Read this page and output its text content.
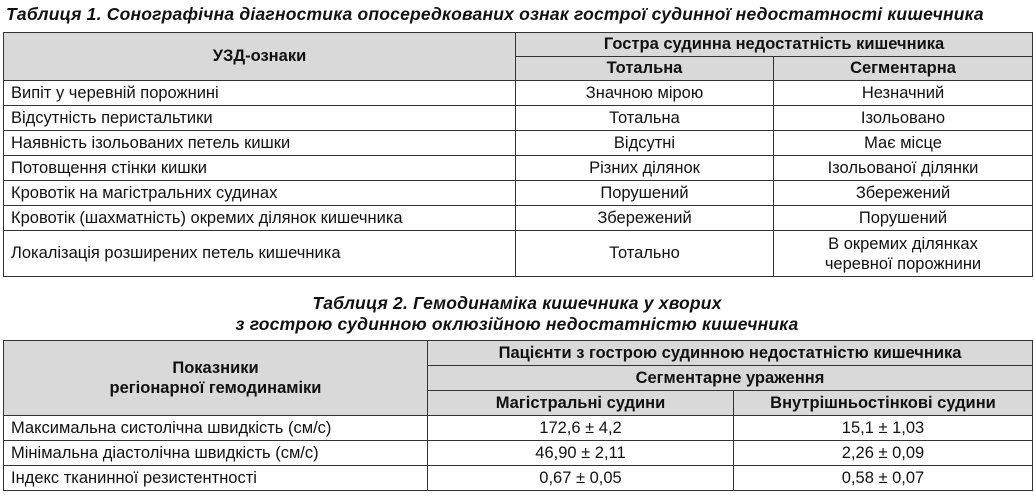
Таблиця 1. Сонографічна діагностика опосередкованих ознак гострої судинної недостатності кишечника
УЗД-ознаки	Гостра судинна недостатність кишечника	
	Тотальна	Сегментарна
Випіт у черевній порожнині	Значною мірою	Незначний
Відсутність перистальтики	Тотальна	Ізольовано
Наявність ізольованих петель кишки	Відсутні	Має місце
Потовщення стінки кишки	Різних ділянок	Ізольованої ділянки
Кровотік на магістральних судинах	Порушений	Збережений
Кровотік (шахматність) окремих ділянок кишечника	Збережений	Порушений
Локалізація розширених петель кишечника	Тотально	В окремих ділянках
черевної порожнини
Таблиця 2. Гемодинаміка кишечника у хворих
з гострою судинною оклюзійною недостатністю кишечника
Показники
регіонарної гемодинаміки	Пацієнти з гострою судинною недостатністю кишечника	
	Сегментарне ураження	
	Магістральні судини	Внутрішньостінкові судини
Максимальна систолічна швидкість (см/с)	172,6 ± 4,2	15,1 ± 1,03
Мінімальна діастолічна швидкість (см/с)	46,90 ± 2,11	2,26 ± 0,09
Індекс тканинної резистентності	0,67 ± 0,05	0,58 ± 0,07
